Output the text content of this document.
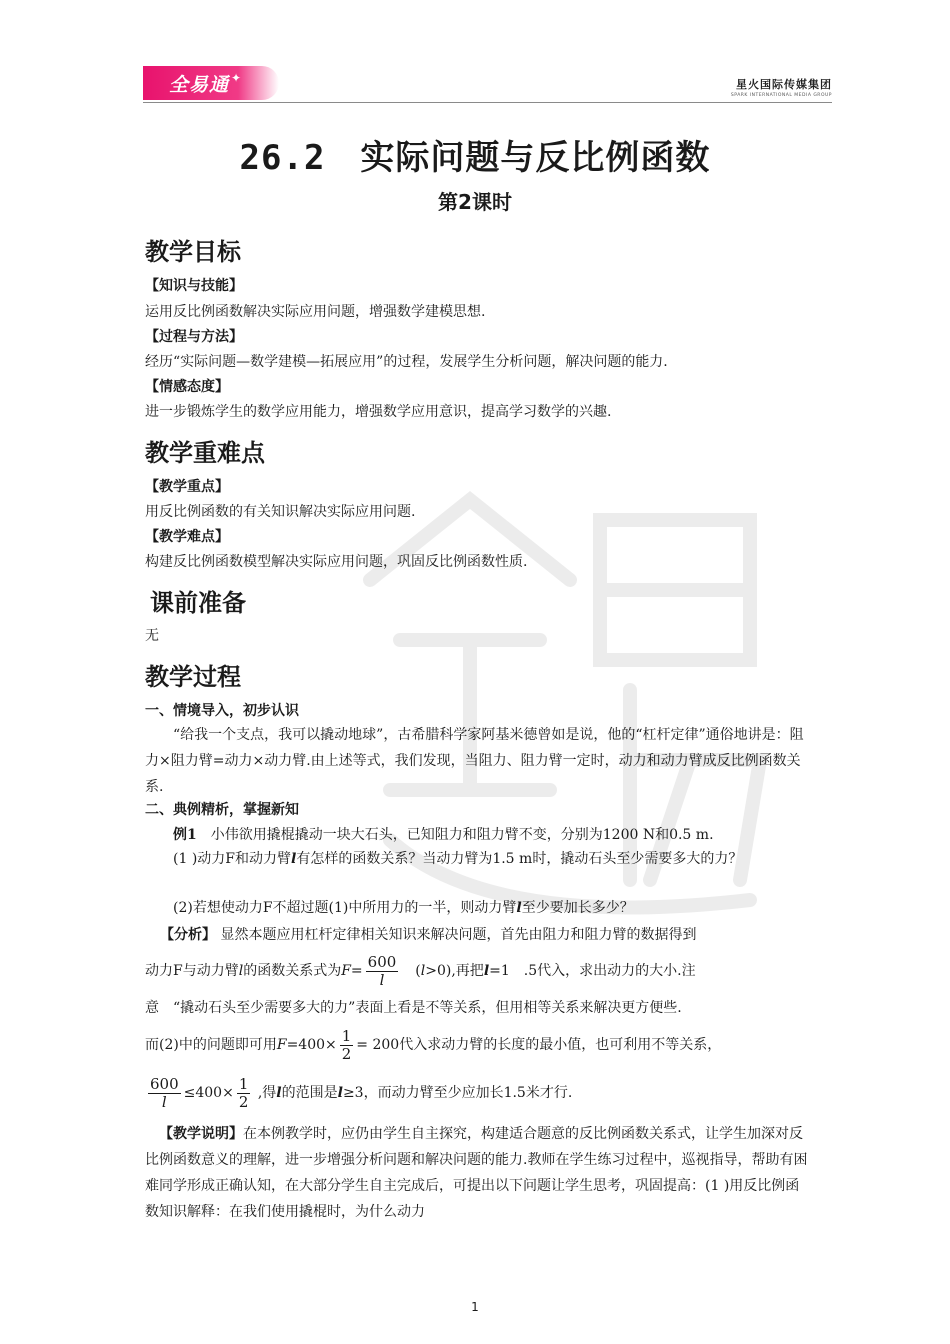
全易通 ✦	星火国际传媒集团
SPARK INTERNATIONAL MEDIA GROUP
26.2　实际问题与反比例函数
第2课时
教学目标
【知识与技能】
运用反比例函数解决实际应用问题，增强数学建模思想.
【过程与方法】
经历“实际问题—数学建模—拓展应用”的过程，发展学生分析问题，解决问题的能力.
【情感态度】
进一步锻炼学生的数学应用能力，增强数学应用意识，提高学习数学的兴趣.
教学重难点
【教学重点】
用反比例函数的有关知识解决实际应用问题.
【教学难点】
构建反比例函数模型解决实际应用问题，巩固反比例函数性质.
课前准备
无
教学过程
一、情境导入，初步认识
“给我一个支点，我可以撬动地球”，古希腊科学家阿基米德曾如是说，他的“杠杆定律”通俗地讲是：阻力×阻力臂=动力×动力臂.由上述等式，我们发现，当阻力、阻力臂一定时，动力和动力臂成反比例函数关系.
二、典例精析，掌握新知
例1　小伟欲用撬棍撬动一块大石头，已知阻力和阻力臂不变，分别为1200 N和0.5 m.
(1 )动力F和动力臂l有怎样的函数关系？当动力臂为1.5 m时，撬动石头至少需要多大的力？
(2)若想使动力F不超过题(1)中所用力的一半，则动力臂l至少要加长多少？
【分析】 显然本题应用杠杆定律相关知识来解决问题，首先由阻力和阻力臂的数据得到
动力F与动力臂l的函数关系式为$F= \frac{600}{l}$
　 (l>0),再把l=1　.5代入，求出动力的大小.注
意　“撬动石头至少需要多大的力”表面上看是不等关系，但用相等关系来解决更方便些.
而(2)中的问题即可用$F=400\times \frac{1}{2} = 200$代入求动力臂的长度的最小值，也可利用不等关系，
$\frac{600}{l} \le 400\times \frac{1}{2}$ ,得l的范围是l≥3，而动力臂至少应加长1.5米才行.
【教学说明】在本例教学时，应仍由学生自主探究，构建适合题意的反比例函数关系式，让学生加深对反比例函数意义的理解，进一步增强分析问题和解决问题的能力.教师在学生练习过程中，巡视指导，帮助有困难同学形成正确认知，在大部分学生自主完成后，可提出以下问题让学生思考，巩固提高：(1 )用反比例函数知识解释：在我们使用撬棍时，为什么动力
1
